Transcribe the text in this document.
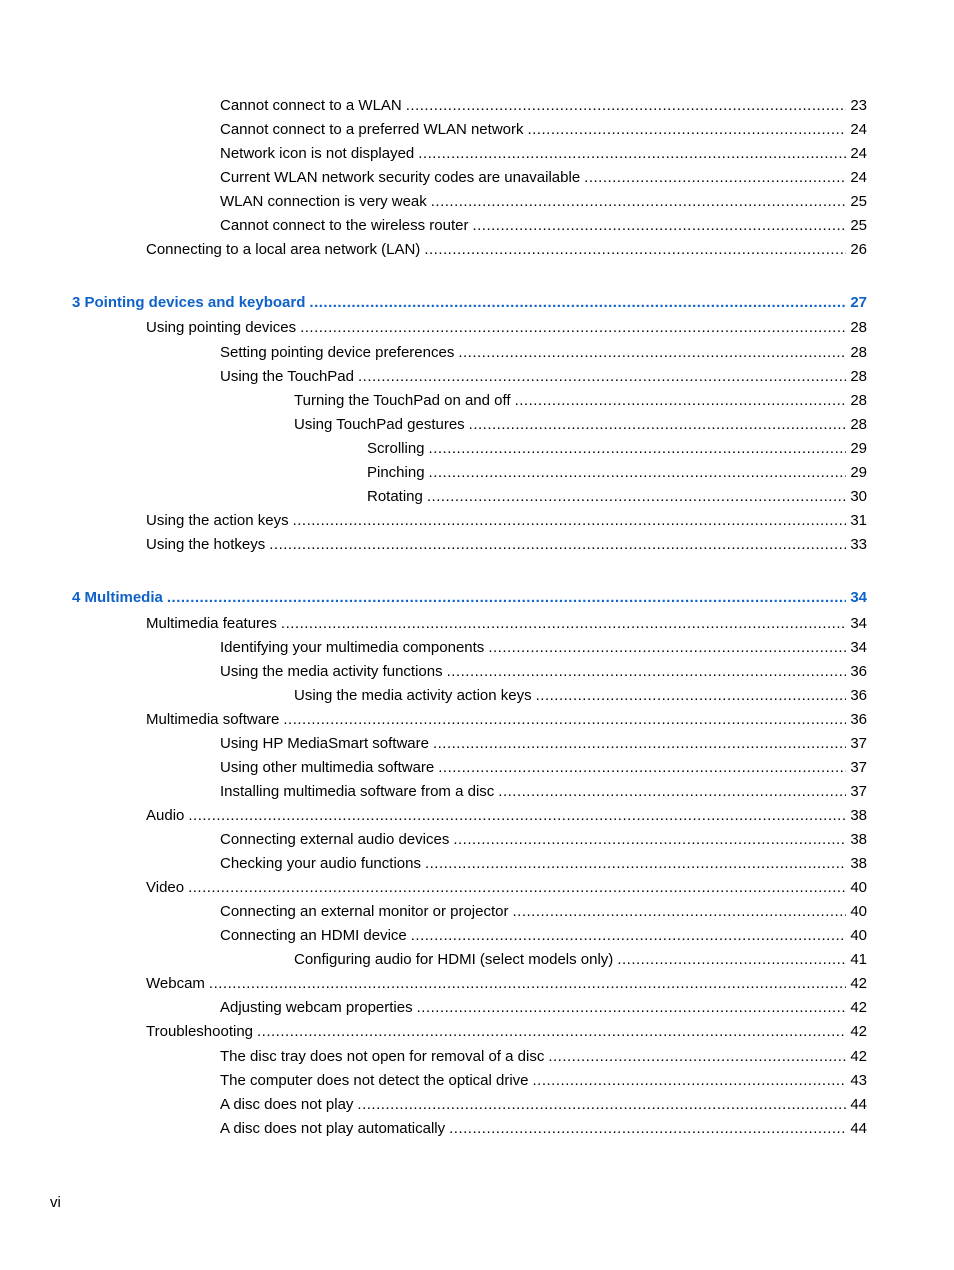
Cannot connect to a WLAN .....	23
Cannot connect to a preferred WLAN network .....	24
Network icon is not displayed .....	24
Current WLAN network security codes are unavailable .....	24
WLAN connection is very weak .....	25
Cannot connect to the wireless router .....	25
Connecting to a local area network (LAN) .....	26
3 Pointing devices and keyboard .....	27
Using pointing devices .....	28
Setting pointing device preferences .....	28
Using the TouchPad .....	28
Turning the TouchPad on and off .....	28
Using TouchPad gestures .....	28
Scrolling .....	29
Pinching .....	29
Rotating .....	30
Using the action keys .....	31
Using the hotkeys .....	33
4 Multimedia .....	34
Multimedia features .....	34
Identifying your multimedia components .....	34
Using the media activity functions .....	36
Using the media activity action keys .....	36
Multimedia software .....	36
Using HP MediaSmart software .....	37
Using other multimedia software .....	37
Installing multimedia software from a disc .....	37
Audio .....	38
Connecting external audio devices .....	38
Checking your audio functions .....	38
Video .....	40
Connecting an external monitor or projector .....	40
Connecting an HDMI device .....	40
Configuring audio for HDMI (select models only) .....	41
Webcam .....	42
Adjusting webcam properties .....	42
Troubleshooting .....	42
The disc tray does not open for removal of a disc .....	42
The computer does not detect the optical drive .....	43
A disc does not play .....	44
A disc does not play automatically .....	44
vi
